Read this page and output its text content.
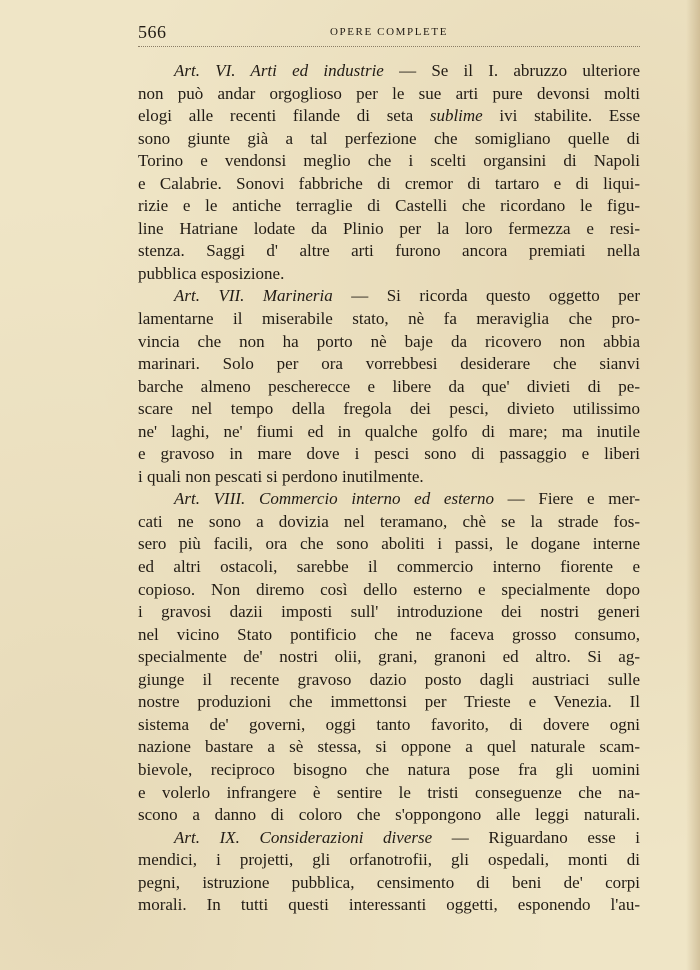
566	OPERE COMPLETE
Art. VI. Arti ed industrie — Se il I. abruzzo ulteriore
non può andar orgoglioso per le sue arti pure devonsi molti
elogi alle recenti filande di seta sublime ivi stabilite. Esse
sono giunte già a tal perfezione che somigliano quelle di
Torino e vendonsi meglio che i scelti organsini di Napoli
e Calabrie. Sonovi fabbriche di cremor di tartaro e di liqui-
rizie e le antiche terraglie di Castelli che ricordano le figu-
line Hatriane lodate da Plinio per la loro fermezza e resi-
stenza. Saggi d' altre arti furono ancora premiati nella
pubblica esposizione.
Art. VII. Marineria — Si ricorda questo oggetto per
lamentarne il miserabile stato, nè fa meraviglia che pro-
vincia che non ha porto nè baje da ricovero non abbia
marinari. Solo per ora vorrebbesi desiderare che sianvi
barche almeno pescherecce e libere da que' divieti di pe-
scare nel tempo della fregola dei pesci, divieto utilissimo
ne' laghi, ne' fiumi ed in qualche golfo di mare; ma inutile
e gravoso in mare dove i pesci sono di passaggio e liberi
i quali non pescati si perdono inutilmente.
Art. VIII. Commercio interno ed esterno — Fiere e mer-
cati ne sono a dovizia nel teramano, chè se la strade fos-
sero più facili, ora che sono aboliti i passi, le dogane interne
ed altri ostacoli, sarebbe il commercio interno fiorente e
copioso. Non diremo così dello esterno e specialmente dopo
i gravosi dazii imposti sull' introduzione dei nostri generi
nel vicino Stato pontificio che ne faceva grosso consumo,
specialmente de' nostri olii, grani, granoni ed altro. Si ag-
giunge il recente gravoso dazio posto dagli austriaci sulle
nostre produzioni che immettonsi per Trieste e Venezia. Il
sistema de' governi, oggi tanto favorito, di dovere ogni
nazione bastare a sè stessa, si oppone a quel naturale scam-
bievole, reciproco bisogno che natura pose fra gli uomini
e volerlo infrangere è sentire le tristi conseguenze che na-
scono a danno di coloro che s'oppongono alle leggi naturali.
Art. IX. Considerazioni diverse — Riguardano esse i
mendici, i projetti, gli orfanotrofii, gli ospedali, monti di
pegni, istruzione pubblica, censimento di beni de' corpi
morali. In tutti questi interessanti oggetti, esponendo l'au-
